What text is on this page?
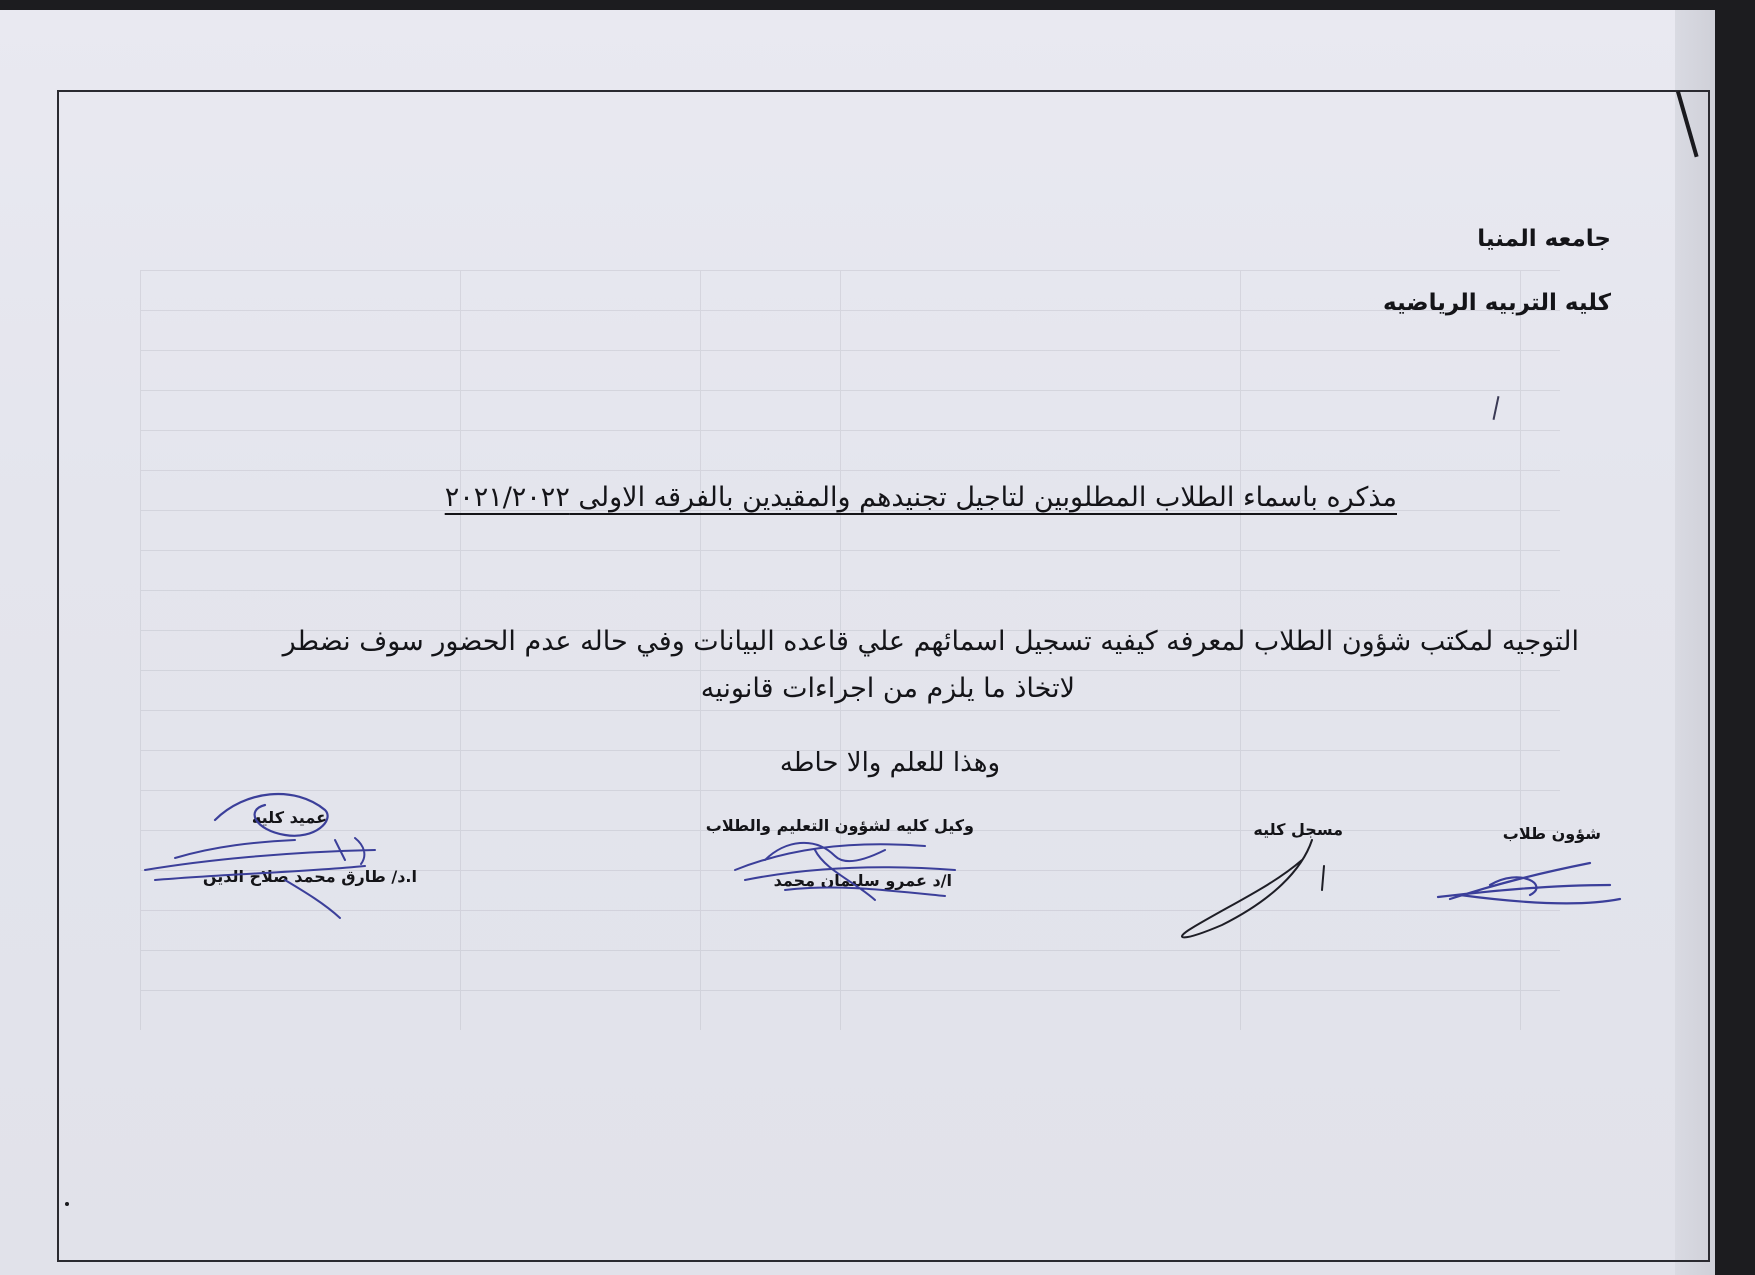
جامعه المنيا
كليه التربيه الرياضيه
مذكره باسماء الطلاب المطلوبين لتاجيل تجنيدهم والمقيدين بالفرقه الاولى ٢٠٢١/٢٠٢٢
التوجيه لمكتب شؤون الطلاب لمعرفه كيفيه تسجيل اسمائهم علي قاعده البيانات وفي حاله عدم الحضور سوف نضطر
لاتخاذ ما يلزم من اجراءات قانونيه
وهذا للعلم والا حاطه
شؤون طلاب
مسجل كليه
وكيل كليه لشؤون التعليم والطلاب
ا/د عمرو سليمان محمد
عميد كليه
ا.د/ طارق محمد صلاح الدين
